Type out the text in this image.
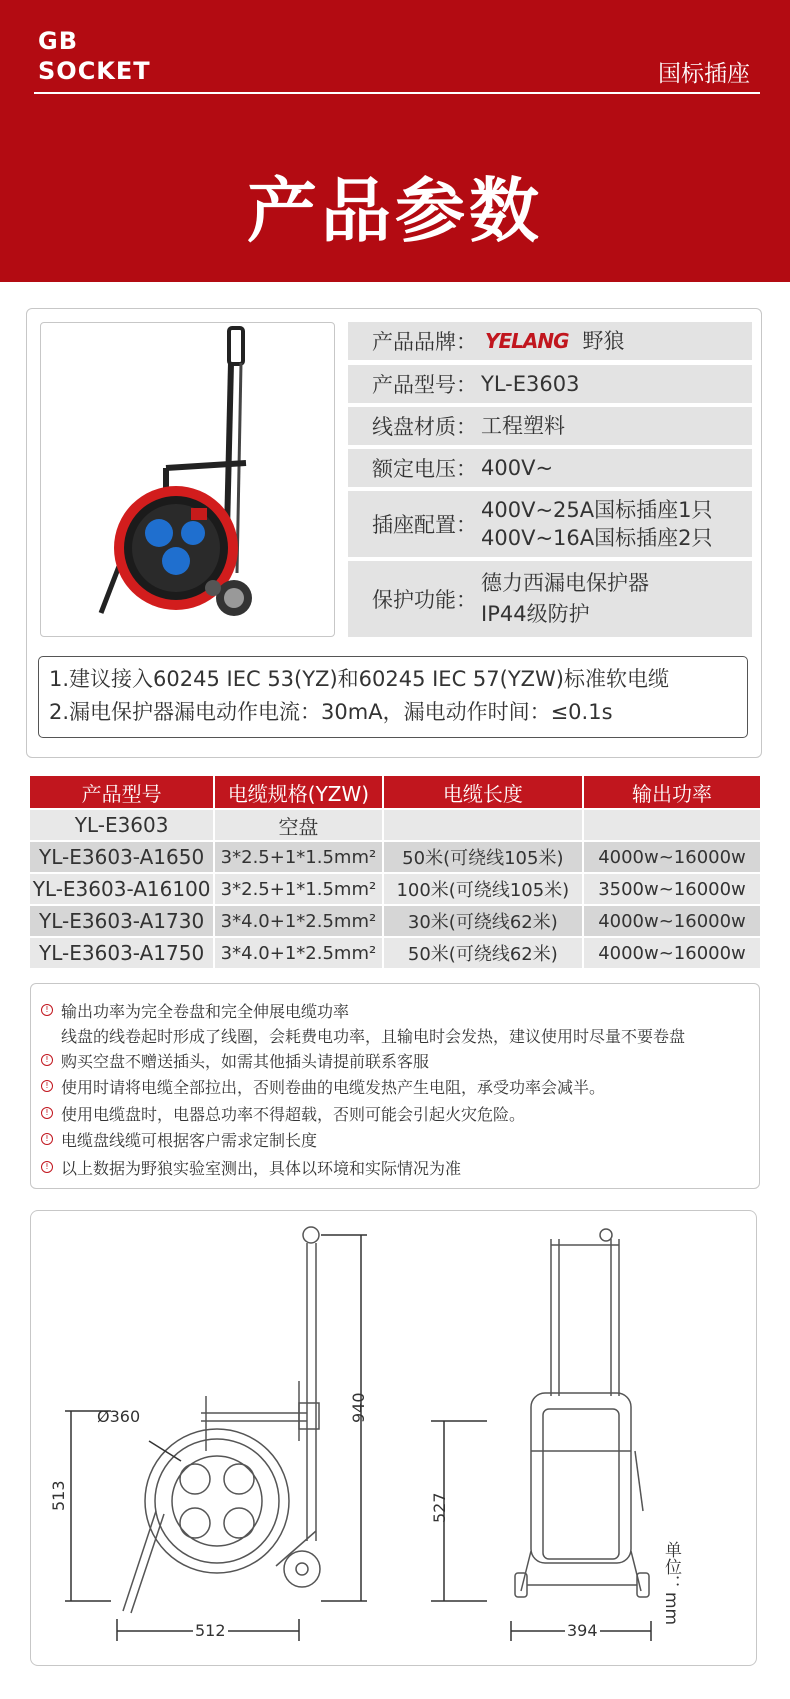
GB
SOCKET	国标插座
产品参数
产品品牌： YELANG 野狼
产品型号： YL-E3603
线盘材质： 工程塑料
额定电压： 400V~
插座配置：
400V~25A国标插座1只
400V~16A国标插座2只
保护功能：
德力西漏电保护器
IP44级防护
1.建议接入60245 IEC 53(YZ)和60245 IEC 57(YZW)标准软电缆
2.漏电保护器漏电动作电流：30mA，漏电动作时间：≤0.1s
产品型号	电缆规格(YZW)	电缆长度	输出功率
YL-E3603	空盘		
YL-E3603-A1650	3*2.5+1*1.5mm²	50米(可绕线105米)	4000w~16000w
YL-E3603-A16100	3*2.5+1*1.5mm²	100米(可绕线105米)	3500w~16000w
YL-E3603-A1730	3*4.0+1*2.5mm²	30米(可绕线62米)	4000w~16000w
YL-E3603-A1750	3*4.0+1*2.5mm²	50米(可绕线62米)	4000w~16000w
! 输出功率为完全卷盘和完全伸展电缆功率
线盘的线卷起时形成了线圈，会耗费电功率，且输电时会发热，建议使用时尽量不要卷盘
! 购买空盘不赠送插头，如需其他插头请提前联系客服
! 使用时请将电缆全部拉出，否则卷曲的电缆发热产生电阻，承受功率会减半。
! 使用电缆盘时，电器总功率不得超载，否则可能会引起火灾危险。
! 电缆盘线缆可根据客户需求定制长度
! 以上数据为野狼实验室测出，具体以环境和实际情况为准
Ø360
513
940
512
527
394
单位：mm
